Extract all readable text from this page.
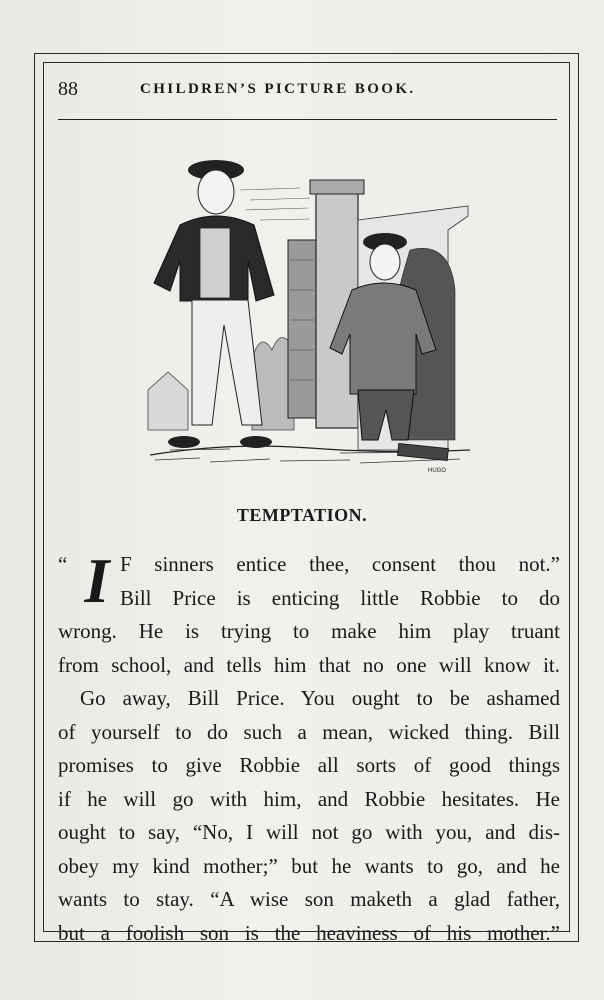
88	CHILDREN’S PICTURE BOOK.
HUGO
TEMPTATION.
“ I F sinners entice thee, consent thou not.”
Bill Price is enticing little Robbie to do
wrong. He is trying to make him play truant
from school, and tells him that no one will know it.
Go away, Bill Price. You ought to be ashamed
of yourself to do such a mean, wicked thing. Bill
promises to give Robbie all sorts of good things
if he will go with him, and Robbie hesitates. He
ought to say, “No, I will not go with you, and dis-
obey my kind mother;” but he wants to go, and he
wants to stay. “A wise son maketh a glad father,
but a foolish son is the heaviness of his mother.”
